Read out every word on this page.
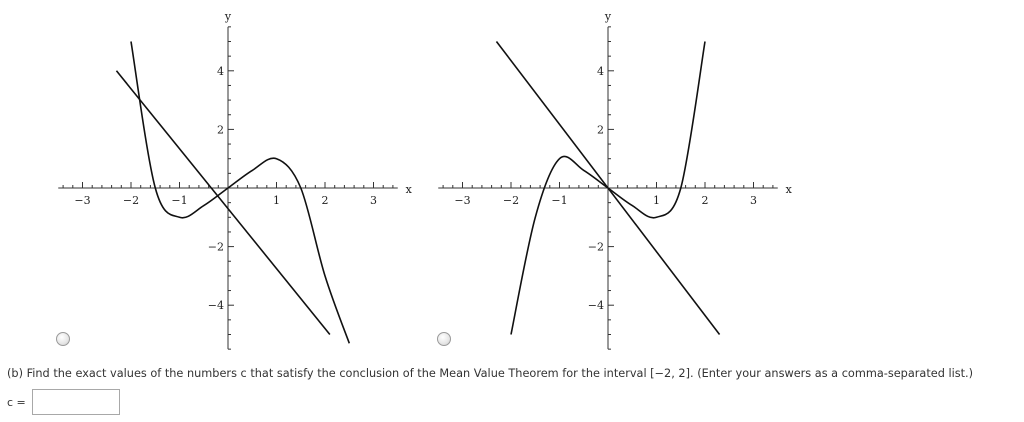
−3	−2	−1	1	2	3
−4
−2
2
4
x
y
−3	−2	−1	1	2	3
−4
−2
2
4
x
y
(b) Find the exact values of the numbers c that satisfy the conclusion of the Mean Value Theorem for the interval [−2, 2]. (Enter your answers as a comma-separated list.)
c =
